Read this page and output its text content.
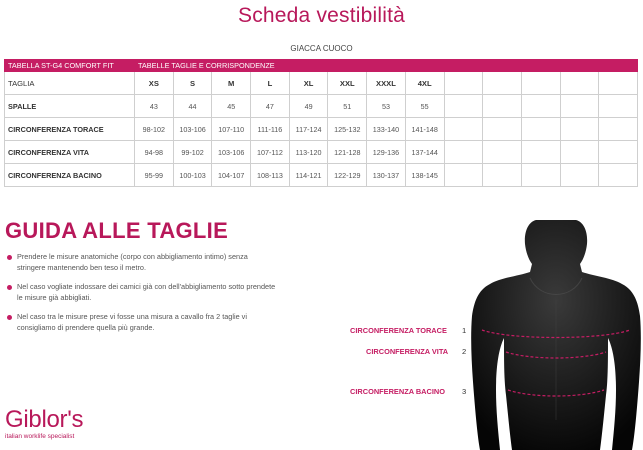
Scheda vestibilità
GIACCA CUOCO
TABELLA ST-G4 COMFORT FIT	TABELLE TAGLIE E CORRISPONDENZE												
TAGLIA	XS	S	M	L	XL	XXL	XXXL	4XL					
SPALLE	43	44	45	47	49	51	53	55					
CIRCONFERENZA TORACE	98-102	103-106	107-110	111-116	117-124	125-132	133-140	141-148					
CIRCONFERENZA VITA	94-98	99-102	103-106	107-112	113-120	121-128	129-136	137-144					
CIRCONFERENZA BACINO	95-99	100-103	104-107	108-113	114-121	122-129	130-137	138-145					
GUIDA ALLE TAGLIE
Prendere le misure anatomiche (corpo con abbigliamento intimo) senza stringere mantenendo ben teso il metro.
Nel caso vogliate indossare dei camici già con dell'abbigliamento sotto prendete le misure già abbigliati.
Nel caso tra le misure prese vi fosse una misura a cavallo fra 2 taglie vi consigliamo di prendere quella più grande.
Giblor's
italian worklife specialist
CIRCONFERENZA TORACE 1
CIRCONFERENZA VITA 2
CIRCONFERENZA BACINO 3
